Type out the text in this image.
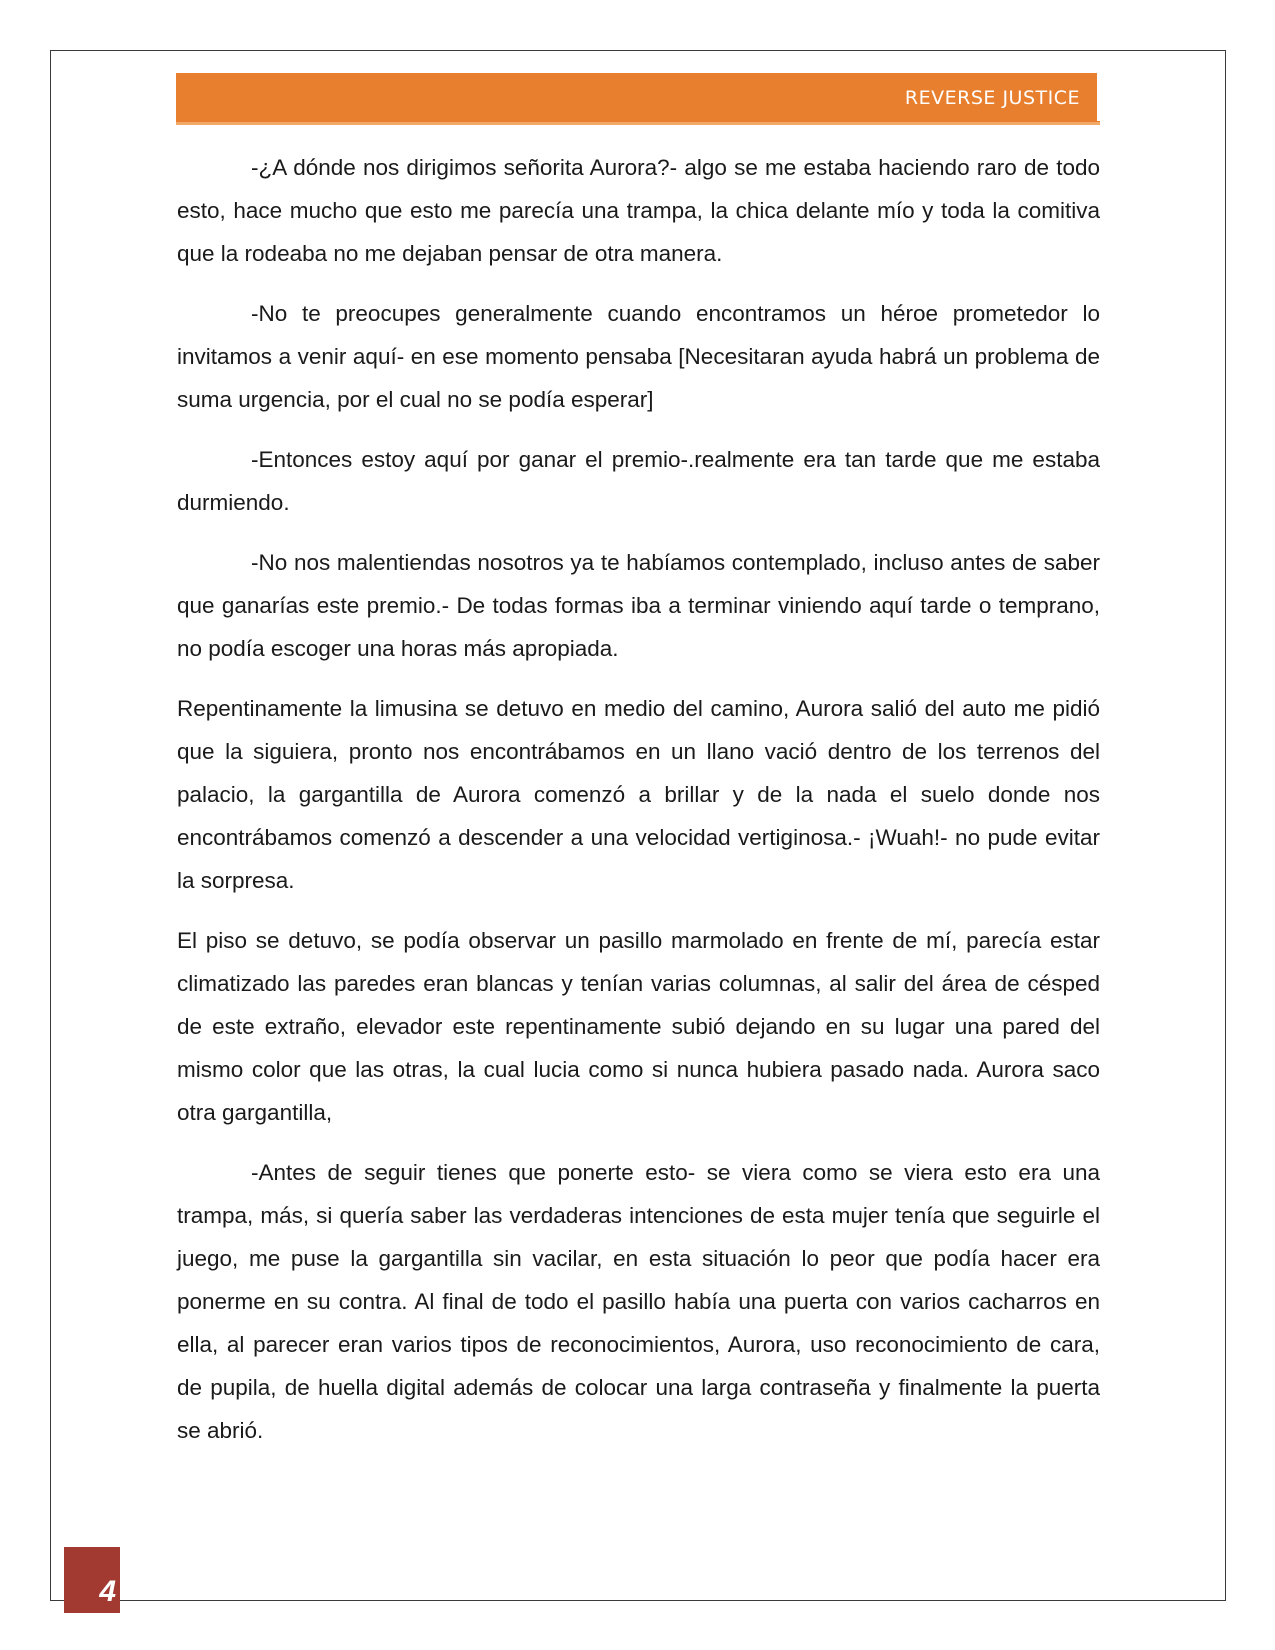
REVERSE JUSTICE

-¿A dónde nos dirigimos señorita Aurora?- algo se me estaba haciendo raro de todo esto, hace mucho que esto me parecía una trampa, la chica delante mío y toda la comitiva que la rodeaba no me dejaban pensar de otra manera.

-No te preocupes generalmente cuando encontramos un héroe prometedor lo invitamos a venir aquí- en ese momento pensaba [Necesitaran ayuda habrá un problema de suma urgencia, por el cual no se podía esperar]

-Entonces estoy aquí por ganar el premio-.realmente era tan tarde que me estaba durmiendo.

-No nos malentiendas nosotros ya te habíamos contemplado, incluso antes de saber que ganarías este premio.- De todas formas iba a terminar viniendo aquí tarde o temprano, no podía escoger una horas más apropiada.

Repentinamente la limusina se detuvo en medio del camino, Aurora salió del auto me pidió que la siguiera, pronto nos encontrábamos en un llano vació dentro de los terrenos del palacio, la gargantilla de Aurora comenzó a brillar y de la nada el suelo donde nos encontrábamos comenzó a descender a una velocidad vertiginosa.- ¡Wuah!- no pude evitar la sorpresa.

El piso se detuvo, se podía observar un pasillo marmolado en frente de mí, parecía estar climatizado las paredes eran blancas y tenían varias columnas, al salir del área de césped de este extraño, elevador este repentinamente subió dejando en su lugar una pared del mismo color que las otras, la cual lucia como si nunca hubiera pasado nada. Aurora saco otra gargantilla,

-Antes de seguir tienes que ponerte esto- se viera como se viera esto era una trampa, más, si quería saber las verdaderas intenciones de esta mujer tenía que seguirle el juego, me puse la gargantilla sin vacilar, en esta situación lo peor que podía hacer era ponerme en su contra. Al final de todo el pasillo había una puerta con varios cacharros en ella, al parecer eran varios tipos de reconocimientos, Aurora, uso reconocimiento de cara, de pupila, de huella digital además de colocar una larga contraseña y finalmente la puerta se abrió.

4
